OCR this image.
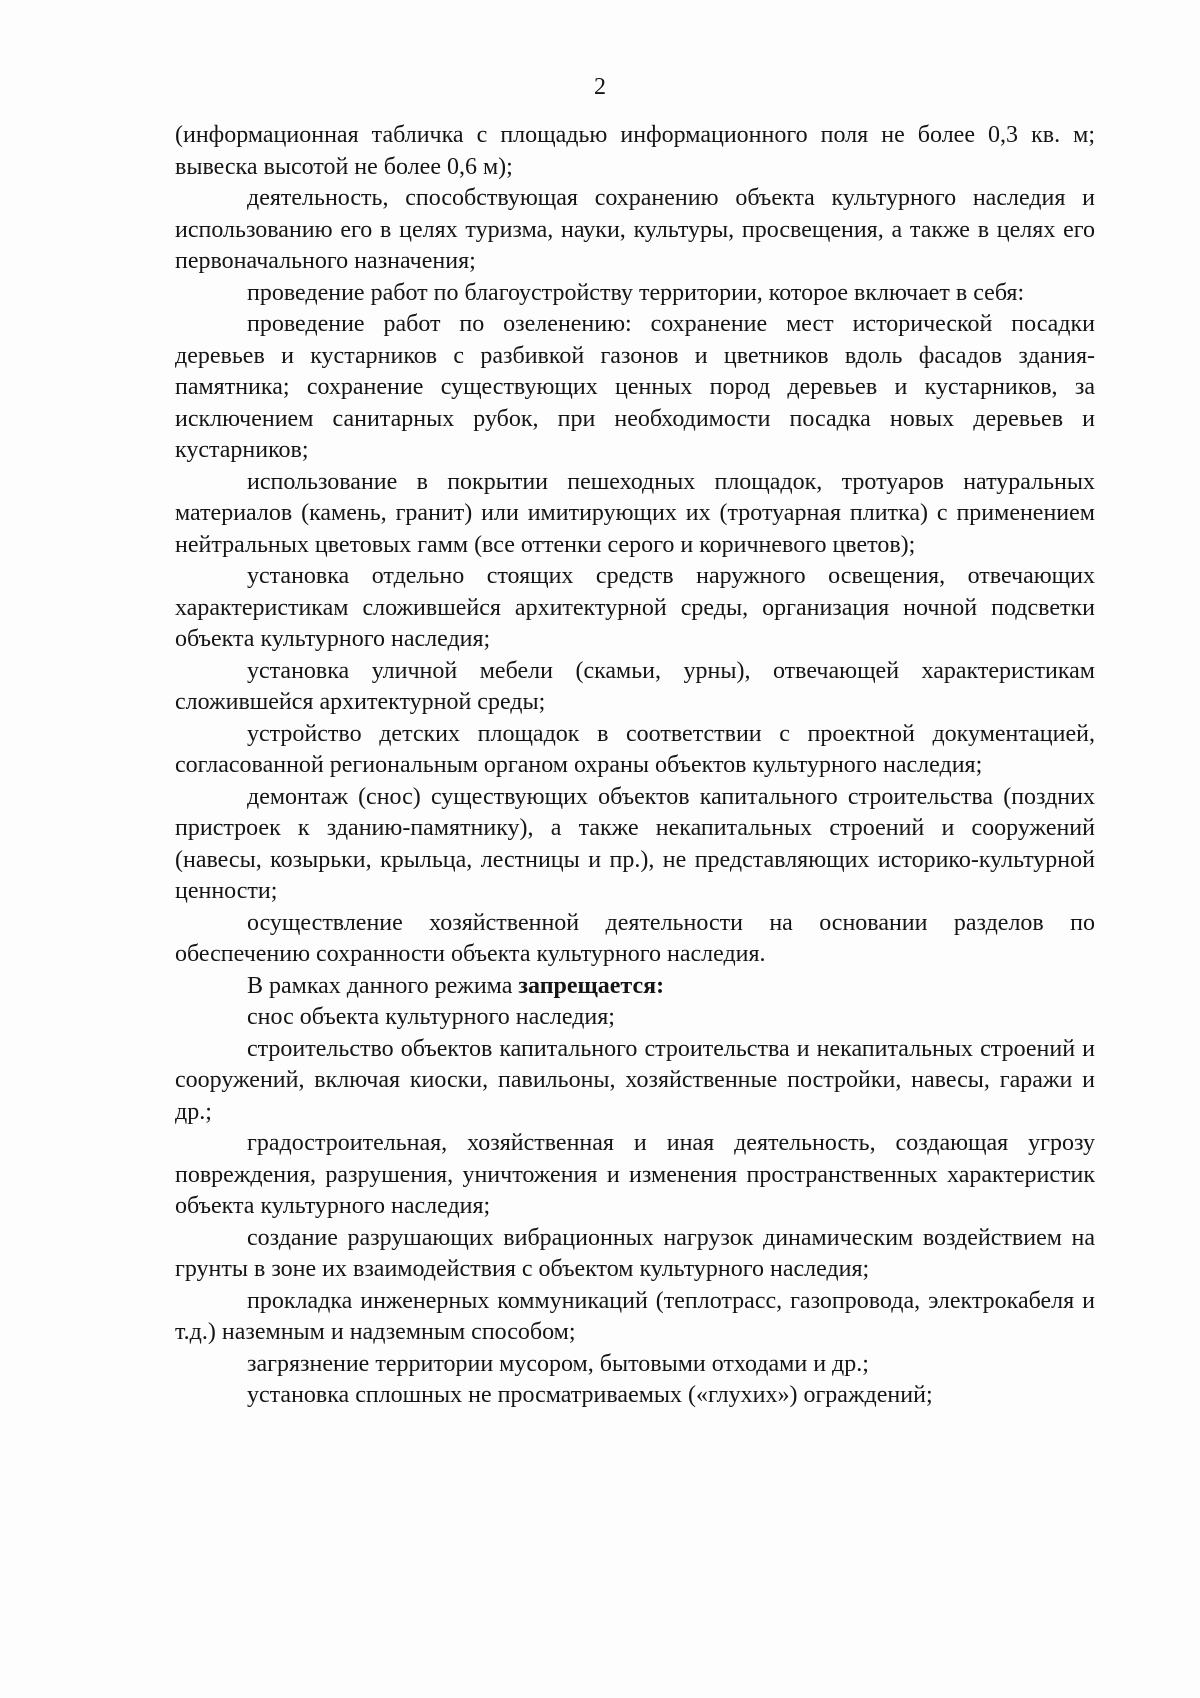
2

(информационная табличка с площадью информационного поля не более 0,3 кв. м; вывеска высотой не более 0,6 м);

деятельность, способствующая сохранению объекта культурного наследия и использованию его в целях туризма, науки, культуры, просвещения, а также в целях его первоначального назначения;

проведение работ по благоустройству территории, которое включает в себя:

проведение работ по озеленению: сохранение мест исторической посадки деревьев и кустарников с разбивкой газонов и цветников вдоль фасадов здания-памятника; сохранение существующих ценных пород деревьев и кустарников, за исключением санитарных рубок, при необходимости посадка новых деревьев и кустарников;

использование в покрытии пешеходных площадок, тротуаров натуральных материалов (камень, гранит) или имитирующих их (тротуарная плитка) с применением нейтральных цветовых гамм (все оттенки серого и коричневого цветов);

установка отдельно стоящих средств наружного освещения, отвечающих характеристикам сложившейся архитектурной среды, организация ночной подсветки объекта культурного наследия;

установка уличной мебели (скамьи, урны), отвечающей характеристикам сложившейся архитектурной среды;

устройство детских площадок в соответствии с проектной документацией, согласованной региональным органом охраны объектов культурного наследия;

демонтаж (снос) существующих объектов капитального строительства (поздних пристроек к зданию-памятнику), а также некапитальных строений и сооружений (навесы, козырьки, крыльца, лестницы и пр.), не представляющих историко-культурной ценности;

осуществление хозяйственной деятельности на основании разделов по обеспечению сохранности объекта культурного наследия.

В рамках данного режима запрещается:

снос объекта культурного наследия;

строительство объектов капитального строительства и некапитальных строений и сооружений, включая киоски, павильоны, хозяйственные постройки, навесы, гаражи и др.;

градостроительная, хозяйственная и иная деятельность, создающая угрозу повреждения, разрушения, уничтожения и изменения пространственных характеристик объекта культурного наследия;

создание разрушающих вибрационных нагрузок динамическим воздействием на грунты в зоне их взаимодействия с объектом культурного наследия;

прокладка инженерных коммуникаций (теплотрасс, газопровода, электрокабеля и т.д.) наземным и надземным способом;

загрязнение территории мусором, бытовыми отходами и др.;

установка сплошных не просматриваемых («глухих») ограждений;
